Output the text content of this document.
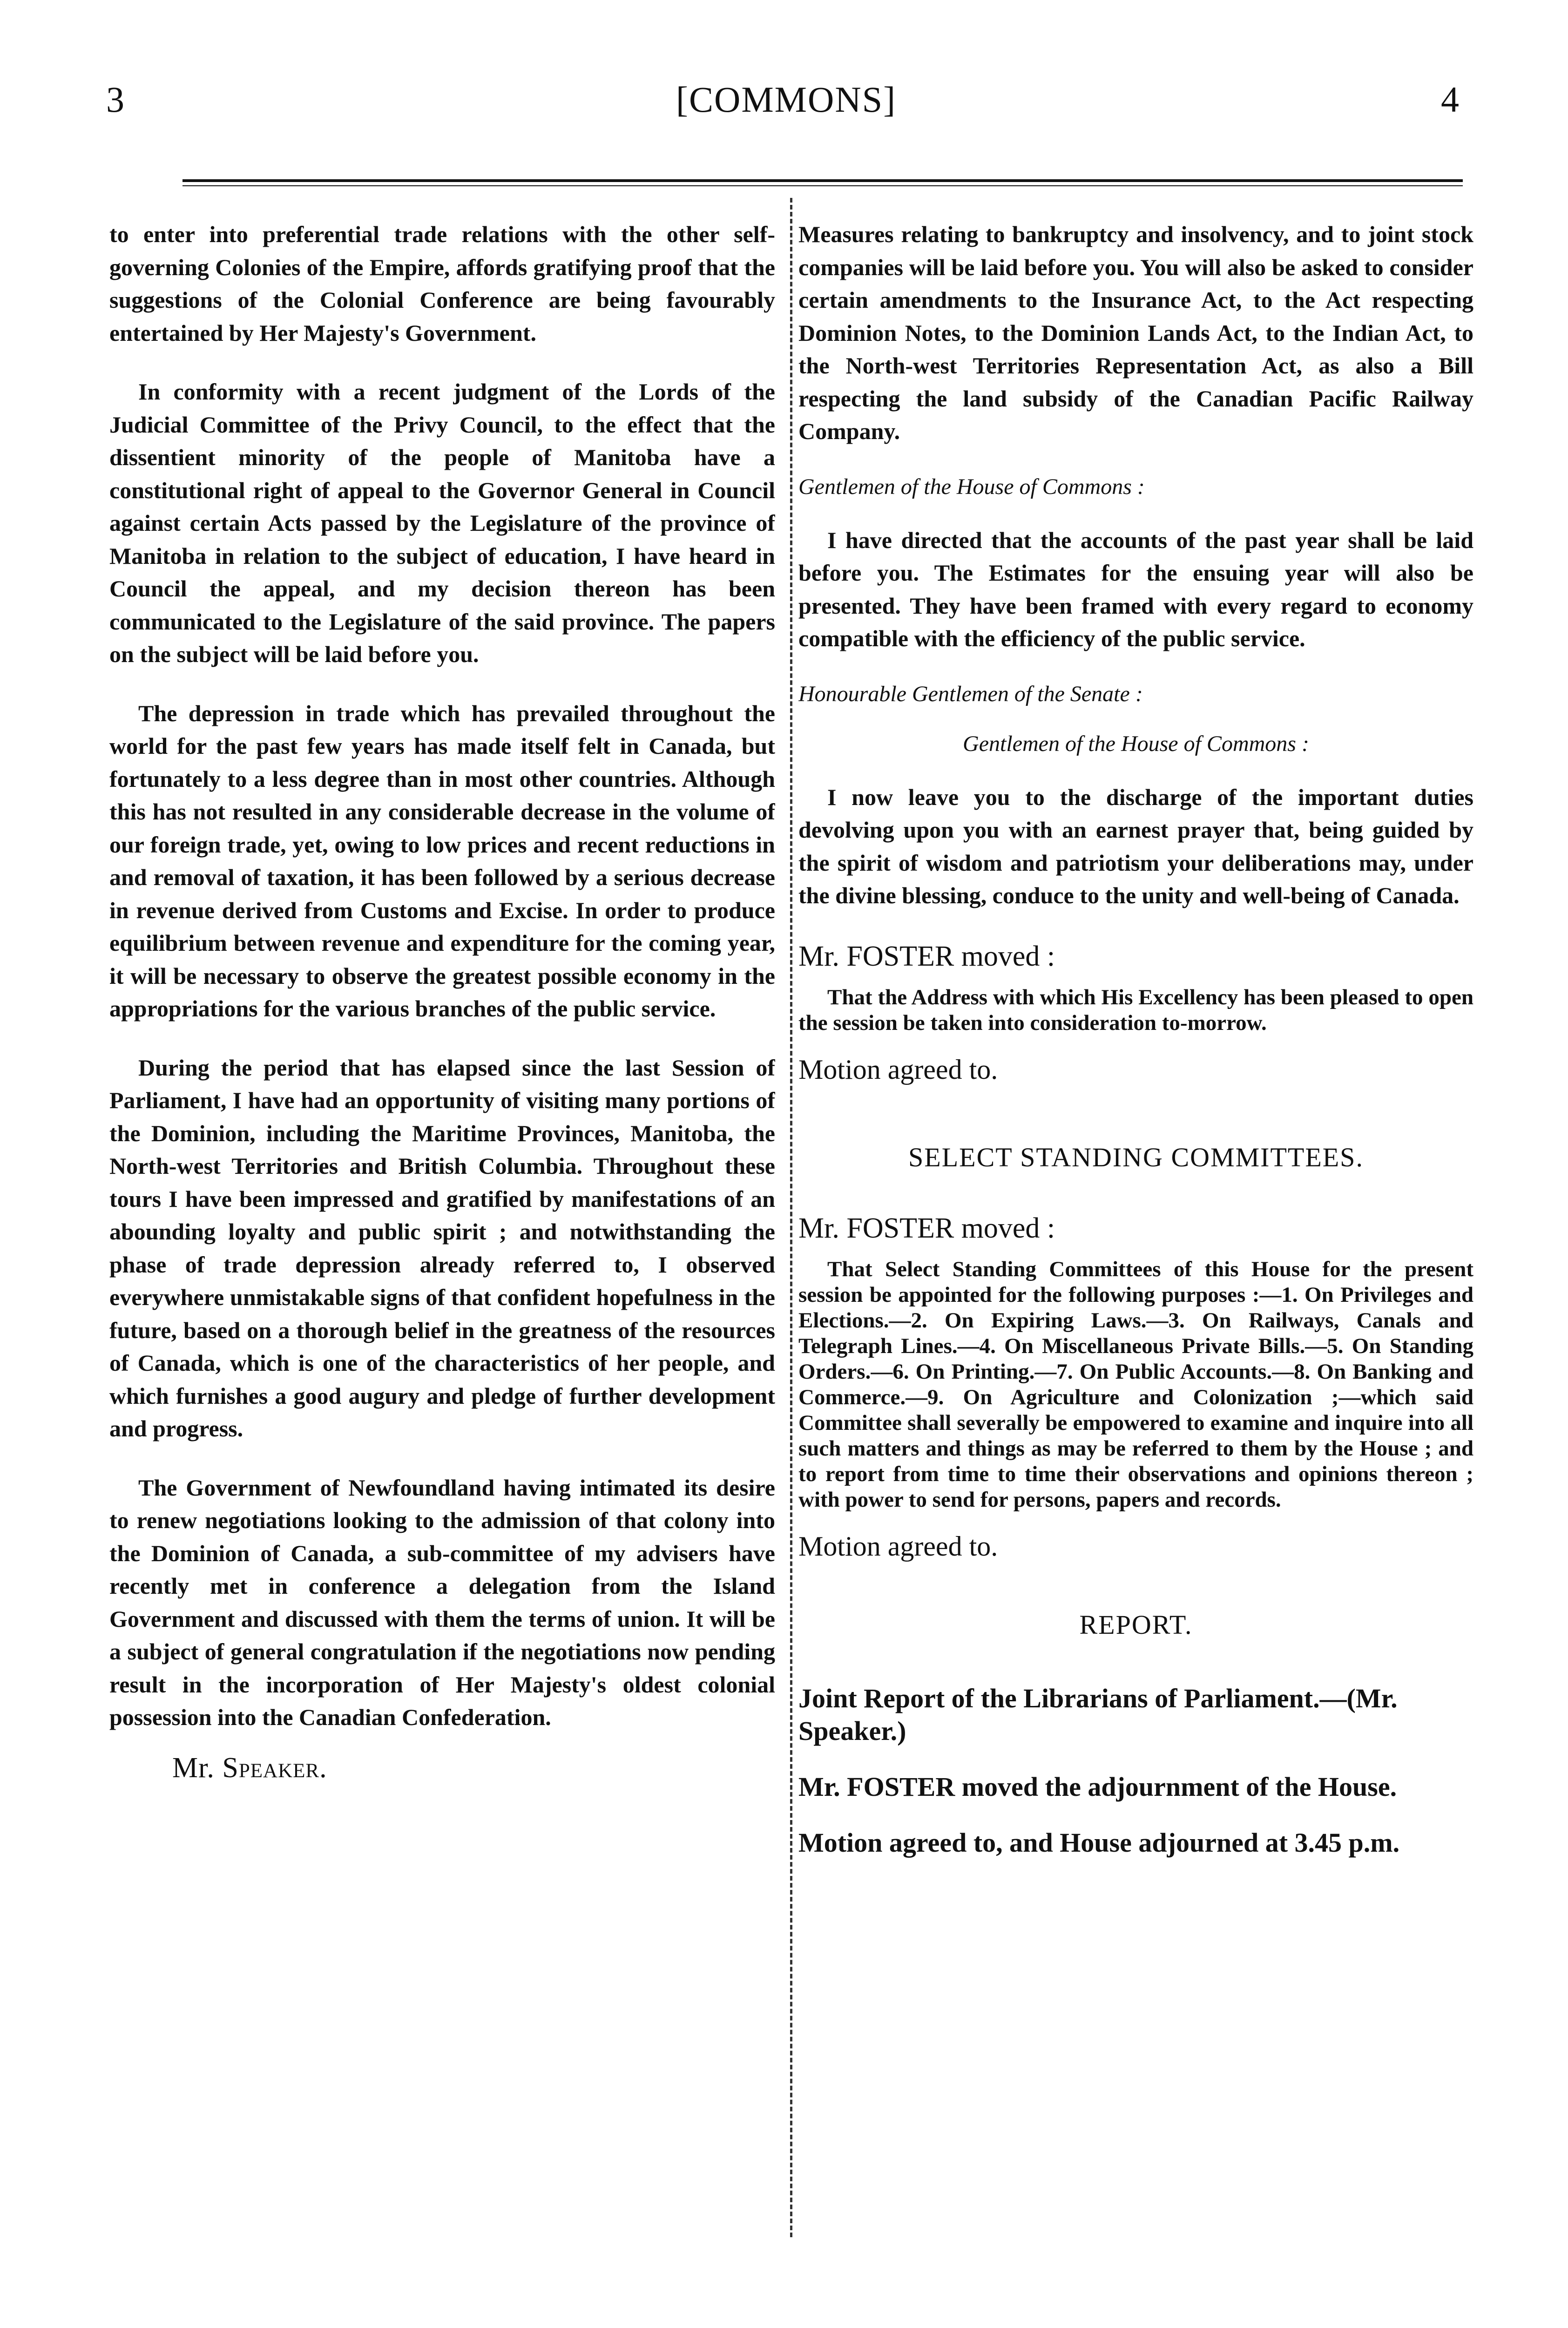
3	[COMMONS]	4

to enter into preferential trade relations with the other self-governing Colonies of the Empire, affords gratifying proof that the suggestions of the Colonial Conference are being favourably entertained by Her Majesty's Government.

In conformity with a recent judgment of the Lords of the Judicial Committee of the Privy Council, to the effect that the dissentient minority of the people of Manitoba have a constitutional right of appeal to the Governor General in Council against certain Acts passed by the Legislature of the province of Manitoba in relation to the subject of education, I have heard in Council the appeal, and my decision thereon has been communicated to the Legislature of the said province. The papers on the subject will be laid before you.

The depression in trade which has prevailed throughout the world for the past few years has made itself felt in Canada, but fortunately to a less degree than in most other countries. Although this has not resulted in any considerable decrease in the volume of our foreign trade, yet, owing to low prices and recent reductions in and removal of taxation, it has been followed by a serious decrease in revenue derived from Customs and Excise. In order to produce equilibrium between revenue and expenditure for the coming year, it will be necessary to observe the greatest possible economy in the appropriations for the various branches of the public service.

During the period that has elapsed since the last Session of Parliament, I have had an opportunity of visiting many portions of the Dominion, including the Maritime Provinces, Manitoba, the North-west Territories and British Columbia. Throughout these tours I have been impressed and gratified by manifestations of an abounding loyalty and public spirit ; and notwithstanding the phase of trade depression already referred to, I observed everywhere unmistakable signs of that confident hopefulness in the future, based on a thorough belief in the greatness of the resources of Canada, which is one of the characteristics of her people, and which furnishes a good augury and pledge of further development and progress.

The Government of Newfoundland having intimated its desire to renew negotiations looking to the admission of that colony into the Dominion of Canada, a sub-committee of my advisers have recently met in conference a delegation from the Island Government and discussed with them the terms of union. It will be a subject of general congratulation if the negotiations now pending result in the incorporation of Her Majesty's oldest colonial possession into the Canadian Confederation.

Mr. Speaker.

Measures relating to bankruptcy and insolvency, and to joint stock companies will be laid before you. You will also be asked to consider certain amendments to the Insurance Act, to the Act respecting Dominion Notes, to the Dominion Lands Act, to the Indian Act, to the North-west Territories Representation Act, as also a Bill respecting the land subsidy of the Canadian Pacific Railway Company.

Gentlemen of the House of Commons :

I have directed that the accounts of the past year shall be laid before you. The Estimates for the ensuing year will also be presented. They have been framed with every regard to economy compatible with the efficiency of the public service.

Honourable Gentlemen of the Senate :

Gentlemen of the House of Commons :

I now leave you to the discharge of the important duties devolving upon you with an earnest prayer that, being guided by the spirit of wisdom and patriotism your deliberations may, under the divine blessing, conduce to the unity and well-being of Canada.

Mr. FOSTER moved :

That the Address with which His Excellency has been pleased to open the session be taken into consideration to-morrow.

Motion agreed to.

SELECT STANDING COMMITTEES.

Mr. FOSTER moved :

That Select Standing Committees of this House for the present session be appointed for the following purposes :—1. On Privileges and Elections.—2. On Expiring Laws.—3. On Railways, Canals and Telegraph Lines.—4. On Miscellaneous Private Bills.—5. On Standing Orders.—6. On Printing.—7. On Public Accounts.—8. On Banking and Commerce.—9. On Agriculture and Colonization ;—which said Committee shall severally be empowered to examine and inquire into all such matters and things as may be referred to them by the House ; and to report from time to time their observations and opinions thereon ; with power to send for persons, papers and records.

Motion agreed to.

REPORT.

Joint Report of the Librarians of Parliament.—(Mr. Speaker.)

Mr. FOSTER moved the adjournment of the House.

Motion agreed to, and House adjourned at 3.45 p.m.
